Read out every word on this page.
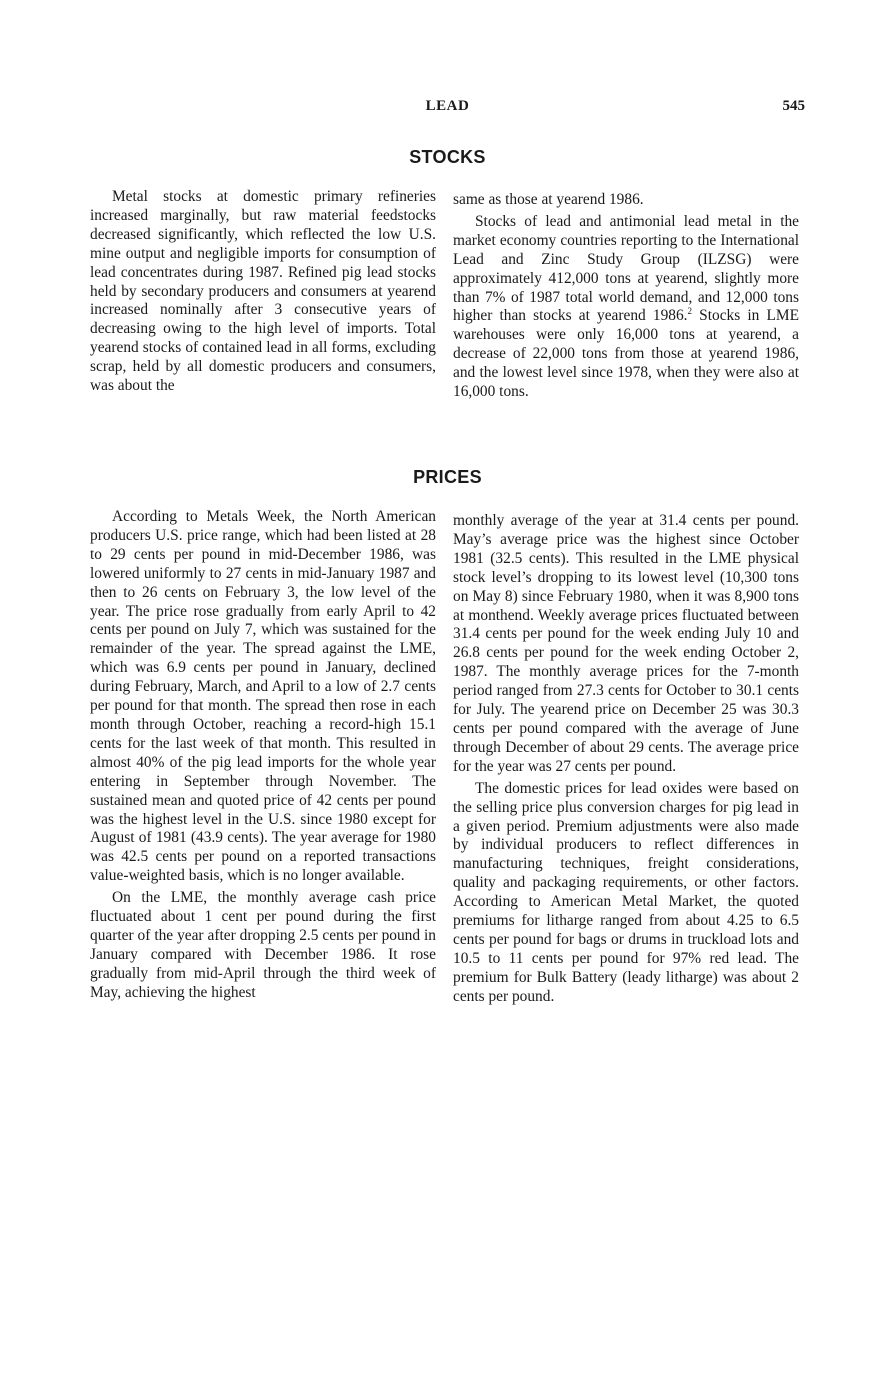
LEAD	545
STOCKS

Metal stocks at domestic primary refineries increased marginally, but raw material feedstocks decreased significantly, which reflected the low U.S. mine output and negligible imports for consumption of lead concentrates during 1987. Refined pig lead stocks held by secondary producers and consumers at yearend increased nominally after 3 consecutive years of decreasing owing to the high level of imports. Total yearend stocks of contained lead in all forms, excluding scrap, held by all domestic producers and consumers, was about the

same as those at yearend 1986.

Stocks of lead and antimonial lead metal in the market economy countries reporting to the International Lead and Zinc Study Group (ILZSG) were approximately 412,000 tons at yearend, slightly more than 7% of 1987 total world demand, and 12,000 tons higher than stocks at yearend 1986.$^2$ Stocks in LME warehouses were only 16,000 tons at yearend, a decrease of 22,000 tons from those at yearend 1986, and the lowest level since 1978, when they were also at 16,000 tons.

PRICES

According to Metals Week, the North American producers U.S. price range, which had been listed at 28 to 29 cents per pound in mid-December 1986, was lowered uniformly to 27 cents in mid-January 1987 and then to 26 cents on February 3, the low level of the year. The price rose gradually from early April to 42 cents per pound on July 7, which was sustained for the remainder of the year. The spread against the LME, which was 6.9 cents per pound in January, declined during February, March, and April to a low of 2.7 cents per pound for that month. The spread then rose in each month through October, reaching a record-high 15.1 cents for the last week of that month. This resulted in almost 40% of the pig lead imports for the whole year entering in September through November. The sustained mean and quoted price of 42 cents per pound was the highest level in the U.S. since 1980 except for August of 1981 (43.9 cents). The year average for 1980 was 42.5 cents per pound on a reported transactions value-weighted basis, which is no longer available.

On the LME, the monthly average cash price fluctuated about 1 cent per pound during the first quarter of the year after dropping 2.5 cents per pound in January compared with December 1986. It rose gradually from mid-April through the third week of May, achieving the highest

monthly average of the year at 31.4 cents per pound. May’s average price was the highest since October 1981 (32.5 cents). This resulted in the LME physical stock level’s dropping to its lowest level (10,300 tons on May 8) since February 1980, when it was 8,900 tons at monthend. Weekly average prices fluctuated between 31.4 cents per pound for the week ending July 10 and 26.8 cents per pound for the week ending October 2, 1987. The monthly average prices for the 7-month period ranged from 27.3 cents for October to 30.1 cents for July. The yearend price on December 25 was 30.3 cents per pound compared with the average of June through December of about 29 cents. The average price for the year was 27 cents per pound.

The domestic prices for lead oxides were based on the selling price plus conversion charges for pig lead in a given period. Premium adjustments were also made by individual producers to reflect differences in manufacturing techniques, freight considerations, quality and packaging requirements, or other factors. According to American Metal Market, the quoted premiums for litharge ranged from about 4.25 to 6.5 cents per pound for bags or drums in truckload lots and 10.5 to 11 cents per pound for 97% red lead. The premium for Bulk Battery (leady litharge) was about 2 cents per pound.
